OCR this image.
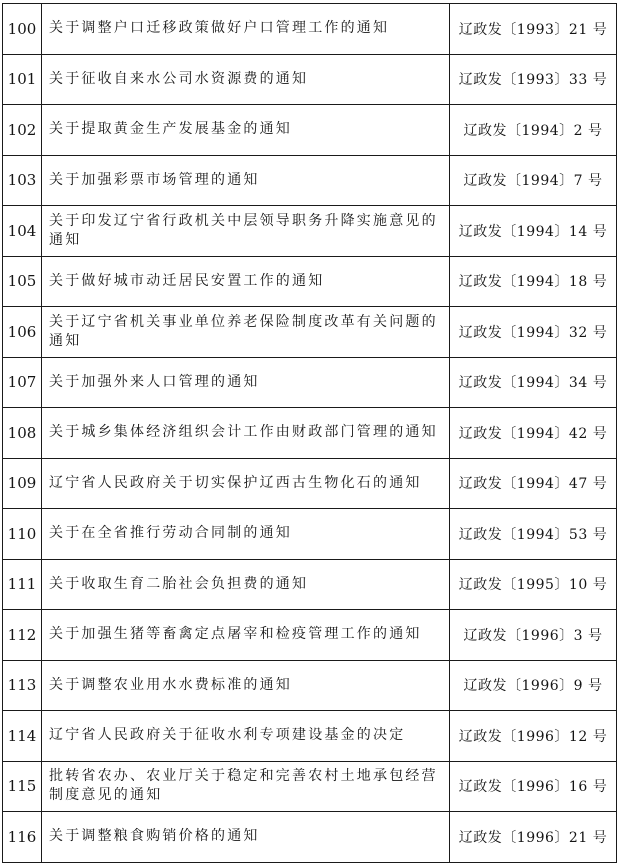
100	关于调整户口迁移政策做好户口管理工作的通知	辽政发〔1993〕21 号
101	关于征收自来水公司水资源费的通知	辽政发〔1993〕33 号
102	关于提取黄金生产发展基金的通知	辽政发〔1994〕2 号
103	关于加强彩票市场管理的通知	辽政发〔1994〕7 号
104	关于印发辽宁省行政机关中层领导职务升降实施意见的通知	辽政发〔1994〕14 号
105	关于做好城市动迁居民安置工作的通知	辽政发〔1994〕18 号
106	关于辽宁省机关事业单位养老保险制度改革有关问题的通知	辽政发〔1994〕32 号
107	关于加强外来人口管理的通知	辽政发〔1994〕34 号
108	关于城乡集体经济组织会计工作由财政部门管理的通知	辽政发〔1994〕42 号
109	辽宁省人民政府关于切实保护辽西古生物化石的通知	辽政发〔1994〕47 号
110	关于在全省推行劳动合同制的通知	辽政发〔1994〕53 号
111	关于收取生育二胎社会负担费的通知	辽政发〔1995〕10 号
112	关于加强生猪等畜禽定点屠宰和检疫管理工作的通知	辽政发〔1996〕3 号
113	关于调整农业用水水费标准的通知	辽政发〔1996〕9 号
114	辽宁省人民政府关于征收水利专项建设基金的决定	辽政发〔1996〕12 号
115	批转省农办、农业厅关于稳定和完善农村土地承包经营制度意见的通知	辽政发〔1996〕16 号
116	关于调整粮食购销价格的通知	辽政发〔1996〕21 号
